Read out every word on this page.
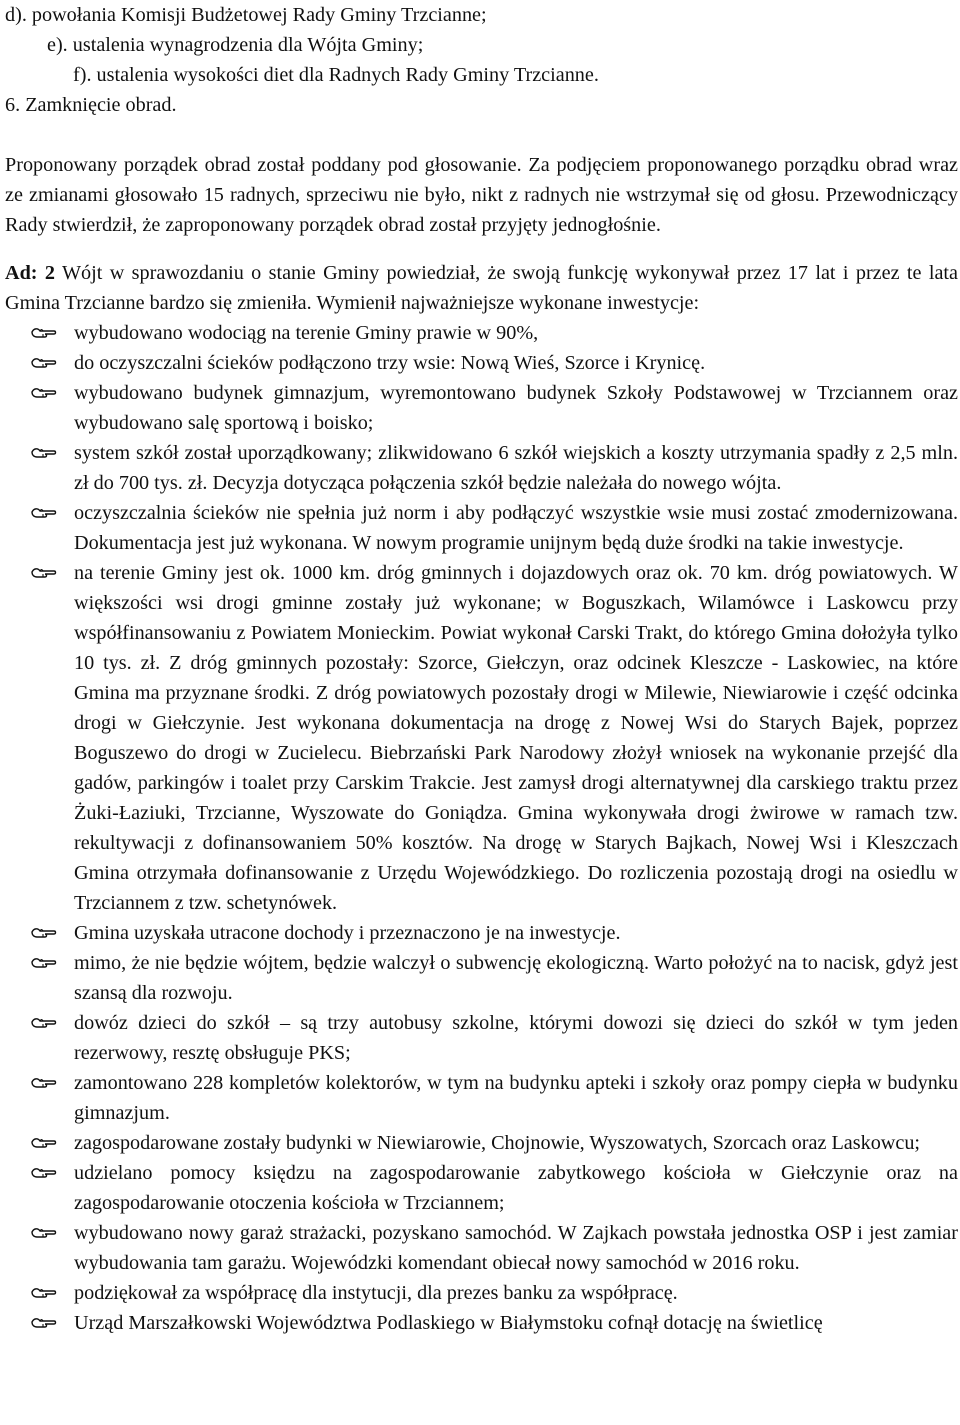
d). powołania Komisji Budżetowej Rady Gminy Trzcianne;
e). ustalenia wynagrodzenia dla Wójta Gminy;
f). ustalenia wysokości diet dla Radnych Rady Gminy Trzcianne.
6. Zamknięcie obrad.

Proponowany porządek obrad został poddany pod głosowanie. Za podjęciem proponowanego porządku obrad wraz ze zmianami głosowało 15 radnych, sprzeciwu nie było, nikt z radnych nie wstrzymał się od głosu. Przewodniczący Rady stwierdził, że zaproponowany porządek obrad został przyjęty jednogłośnie.

Ad: 2 Wójt w sprawozdaniu o stanie Gminy powiedział, że swoją funkcję wykonywał przez 17 lat i przez te lata Gmina Trzcianne bardzo się zmieniła. Wymienił najważniejsze wykonane inwestycje:

wybudowano wodociąg na terenie Gminy prawie w 90%,
do oczyszczalni ścieków podłączono trzy wsie: Nową Wieś, Szorce i Krynicę.
wybudowano budynek gimnazjum, wyremontowano budynek Szkoły Podstawowej w Trzciannem oraz wybudowano salę sportową i boisko;
system szkół został uporządkowany; zlikwidowano 6 szkół wiejskich a koszty utrzymania spadły z 2,5 mln. zł do 700 tys. zł. Decyzja dotycząca połączenia szkół będzie należała do nowego wójta.
oczyszczalnia ścieków nie spełnia już norm i aby podłączyć wszystkie wsie musi zostać zmodernizowana. Dokumentacja jest już wykonana. W nowym programie unijnym będą duże środki na takie inwestycje.
na terenie Gminy jest ok. 1000 km. dróg gminnych i dojazdowych oraz ok. 70 km. dróg powiatowych. W większości wsi drogi gminne zostały już wykonane; w Boguszkach, Wilamówce i Laskowcu przy współfinansowaniu z Powiatem Monieckim. Powiat wykonał Carski Trakt, do którego Gmina dołożyła tylko 10 tys. zł. Z dróg gminnych pozostały: Szorce, Giełczyn, oraz odcinek Kleszcze - Laskowiec, na które Gmina ma przyznane środki. Z dróg powiatowych pozostały drogi w Milewie, Niewiarowie i część odcinka drogi w Giełczynie. Jest wykonana dokumentacja na drogę z Nowej Wsi do Starych Bajek, poprzez Boguszewo do drogi w Zucielecu. Biebrzański Park Narodowy złożył wniosek na wykonanie przejść dla gadów, parkingów i toalet przy Carskim Trakcie. Jest zamysł drogi alternatywnej dla carskiego traktu przez Żuki-Łaziuki, Trzcianne, Wyszowate do Goniądza. Gmina wykonywała drogi żwirowe w ramach tzw. rekultywacji z dofinansowaniem 50% kosztów. Na drogę w Starych Bajkach, Nowej Wsi i Kleszczach Gmina otrzymała dofinansowanie z Urzędu Wojewódzkiego. Do rozliczenia pozostają drogi na osiedlu w Trzciannem z tzw. schetynówek.
Gmina uzyskała utracone dochody i przeznaczono je na inwestycje.
mimo, że nie będzie wójtem, będzie walczył o subwencję ekologiczną. Warto położyć na to nacisk, gdyż jest szansą dla rozwoju.
dowóz dzieci do szkół – są trzy autobusy szkolne, którymi dowozi się dzieci do szkół w tym jeden rezerwowy, resztę obsługuje PKS;
zamontowano 228 kompletów kolektorów, w tym na budynku apteki i szkoły oraz pompy ciepła w budynku gimnazjum.
zagospodarowane zostały budynki w Niewiarowie, Chojnowie, Wyszowatych, Szorcach oraz Laskowcu;
udzielano pomocy księdzu na zagospodarowanie zabytkowego kościoła w Giełczynie oraz na zagospodarowanie otoczenia kościoła w Trzciannem;
wybudowano nowy garaż strażacki, pozyskano samochód. W Zajkach powstała jednostka OSP i jest zamiar wybudowania tam garażu. Wojewódzki komendant obiecał nowy samochód w 2016 roku.
podziękował za współpracę dla instytucji, dla prezes banku za współpracę.
Urząd Marszałkowski Województwa Podlaskiego w Białymstoku cofnął dotację na świetlicę
